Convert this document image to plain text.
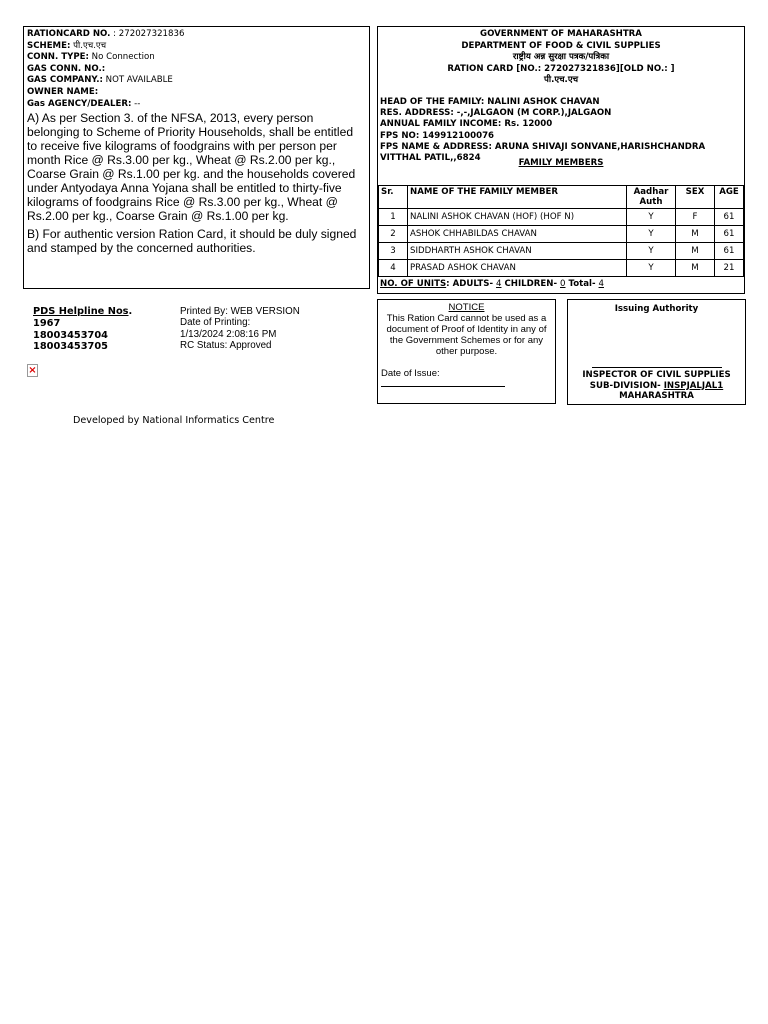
RATIONCARD NO. : 272027321836
SCHEME: पी.एच.एच
CONN. TYPE: No Connection
GAS CONN. NO.:
GAS COMPANY.: NOT AVAILABLE
OWNER NAME:
Gas AGENCY/DEALER: --
A) As per Section 3. of the NFSA, 2013, every person belonging to Scheme of Priority Households, shall be entitled to receive five kilograms of foodgrains with per person per month Rice @ Rs.3.00 per kg., Wheat @ Rs.2.00 per kg., Coarse Grain @ Rs.1.00 per kg. and the households covered under Antyodaya Anna Yojana shall be entitled to thirty-five kilograms of foodgrains Rice @ Rs.3.00 per kg., Wheat @ Rs.2.00 per kg., Coarse Grain @ Rs.1.00 per kg.
B) For authentic version Ration Card, it should be duly signed and stamped by the concerned authorities.
GOVERNMENT OF MAHARASHTRA
DEPARTMENT OF FOOD & CIVIL SUPPLIES
राष्ट्रीय अन्न सुरक्षा पत्रक/पत्रिका
RATION CARD [NO.: 272027321836][OLD NO.: ]
पी.एच.एच
HEAD OF THE FAMILY: NALINI ASHOK CHAVAN
RES. ADDRESS: -,-,JALGAON (M CORP.),JALGAON
ANNUAL FAMILY INCOME: Rs. 12000
FPS NO: 149912100076
FPS NAME & ADDRESS: ARUNA SHIVAJI SONVANE,HARISHCHANDRA VITTHAL PATIL,,6824	FAMILY MEMBERS
Sr.	NAME OF THE FAMILY MEMBER	Aadhar Auth	SEX	AGE
1	NALINI ASHOK CHAVAN (HOF) (HOF N)	Y	F	61
2	ASHOK CHHABILDAS CHAVAN	Y	M	61
3	SIDDHARTH ASHOK CHAVAN	Y	M	61
4	PRASAD ASHOK CHAVAN	Y	M	21
NO. OF UNITS: ADULTS- 4 CHILDREN- 0 Total- 4
NOTICE
This Ration Card cannot be used as a document of Proof of Identity in any of the Government Schemes or for any other purpose.
Date of Issue:
Issuing Authority
INSPECTOR OF CIVIL SUPPLIES
SUB-DIVISION- INSPJALJAL1
MAHARASHTRA
PDS Helpline Nos.
1967
18003453704
18003453705
Printed By: WEB VERSION
Date of Printing:
1/13/2024 2:08:16 PM
RC Status: Approved
×
Developed by National Informatics Centre
